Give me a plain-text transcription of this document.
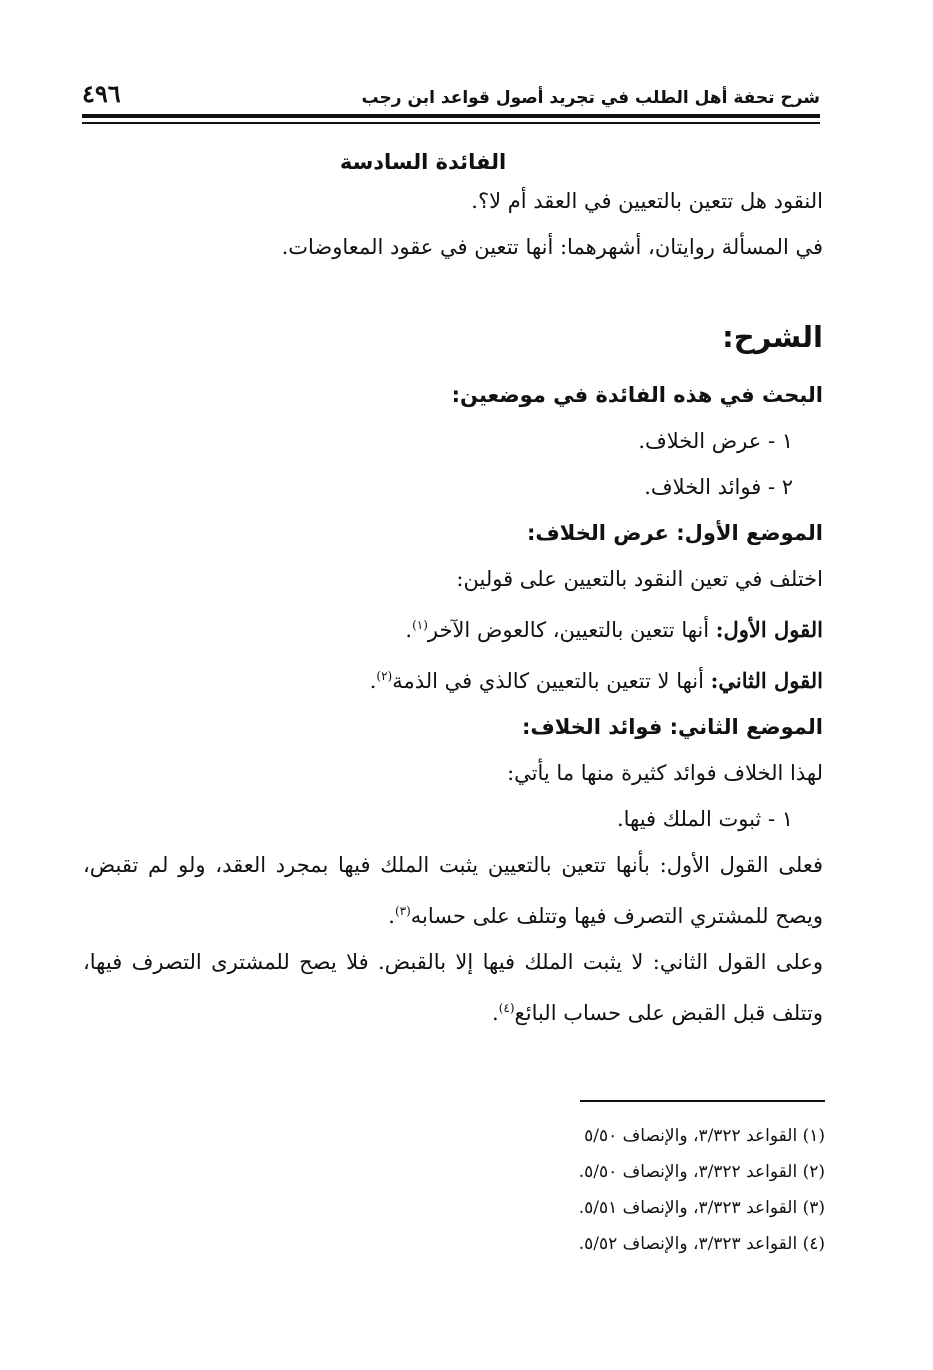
شرح تحفة أهل الطلب في تجريد أصول قواعد ابن رجب
٤٩٦
الفائدة السادسة
النقود هل تتعين بالتعيين في العقد أم لا؟.
في المسألة روايتان، أشهرهما: أنها تتعين في عقود المعاوضات.
الشرح:
البحث في هذه الفائدة في موضعين:
١ - عرض الخلاف.
٢ - فوائد الخلاف.
الموضع الأول: عرض الخلاف:
اختلف في تعين النقود بالتعيين على قولين:
القول الأول: أنها تتعين بالتعيين، كالعوض الآخر$^{(١)}$.
القول الثاني: أنها لا تتعين بالتعيين كالذي في الذمة$^{(٢)}$.
الموضع الثاني: فوائد الخلاف:
لهذا الخلاف فوائد كثيرة منها ما يأتي:
١ - ثبوت الملك فيها.
فعلى القول الأول: بأنها تتعين بالتعيين يثبت الملك فيها بمجرد العقد، ولو لم تقبض، ويصح للمشتري التصرف فيها وتتلف على حسابه$^{(٣)}$.
وعلى القول الثاني: لا يثبت الملك فيها إلا بالقبض. فلا يصح للمشترى التصرف فيها، وتتلف قبل القبض على حساب البائع$^{(٤)}$.
(١) القواعد ٣/٣٢٢، والإنصاف ٥/٥٠
(٢) القواعد ٣/٣٢٢، والإنصاف ٥/٥٠.
(٣) القواعد ٣/٣٢٣، والإنصاف ٥/٥١.
(٤) القواعد ٣/٣٢٣، والإنصاف ٥/٥٢.
